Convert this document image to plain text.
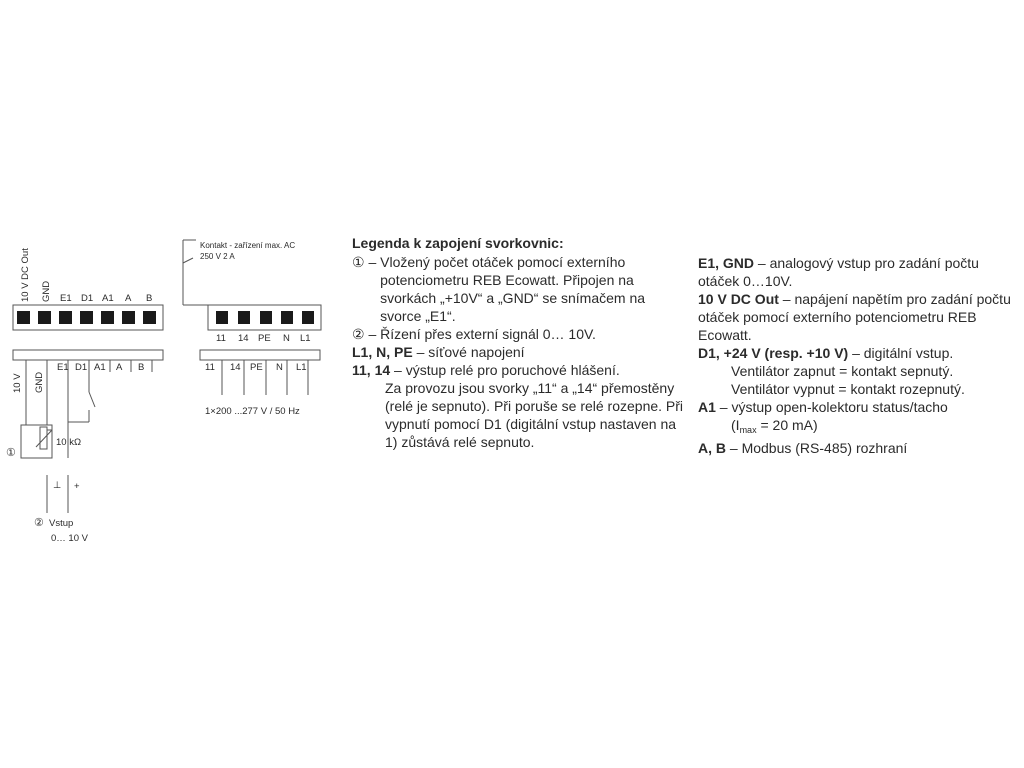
10 V DC Out GND E1 D1 A1 A B
10 V GND
E1 D1 A1 A B
①
10 kΩ
⊥ +
② Vstup
0… 10 V
Kontakt - zařízení max. AC
250 V 2 A
11 14 PE N L1
11 14 PE N L1
1×200 ...277 V / 50 Hz
Legenda k zapojení svorkovnic:
① – Vložený počet otáček pomocí externího potenciometru REB Ecowatt. Připojen na svorkách „+10V“ a „GND“ se snímačem na svorce „E1“.
② – Řízení přes externí signál 0… 10V.
L1, N, PE – síťové napojení
11, 14 – výstup relé pro poruchové hlášení.
Za provozu jsou svorky „11“ a „14“ přemostěny (relé je sepnuto). Při poruše se relé rozepne. Při vypnutí pomocí D1 (digitální vstup nastaven na 1) zůstává relé sepnuto.
E1, GND – analogový vstup pro zadání počtu otáček 0…10V.
10 V DC Out – napájení napětím pro zadání počtu otáček pomocí externího potenciometru REB Ecowatt.
D1, +24 V (resp. +10 V) – digitální vstup.
Ventilátor zapnut = kontakt sepnutý.
Ventilátor vypnut = kontakt rozepnutý.
A1 – výstup open-kolektoru status/tacho
($I_{max} = 20$ mA)
A, B – Modbus (RS-485) rozhraní
